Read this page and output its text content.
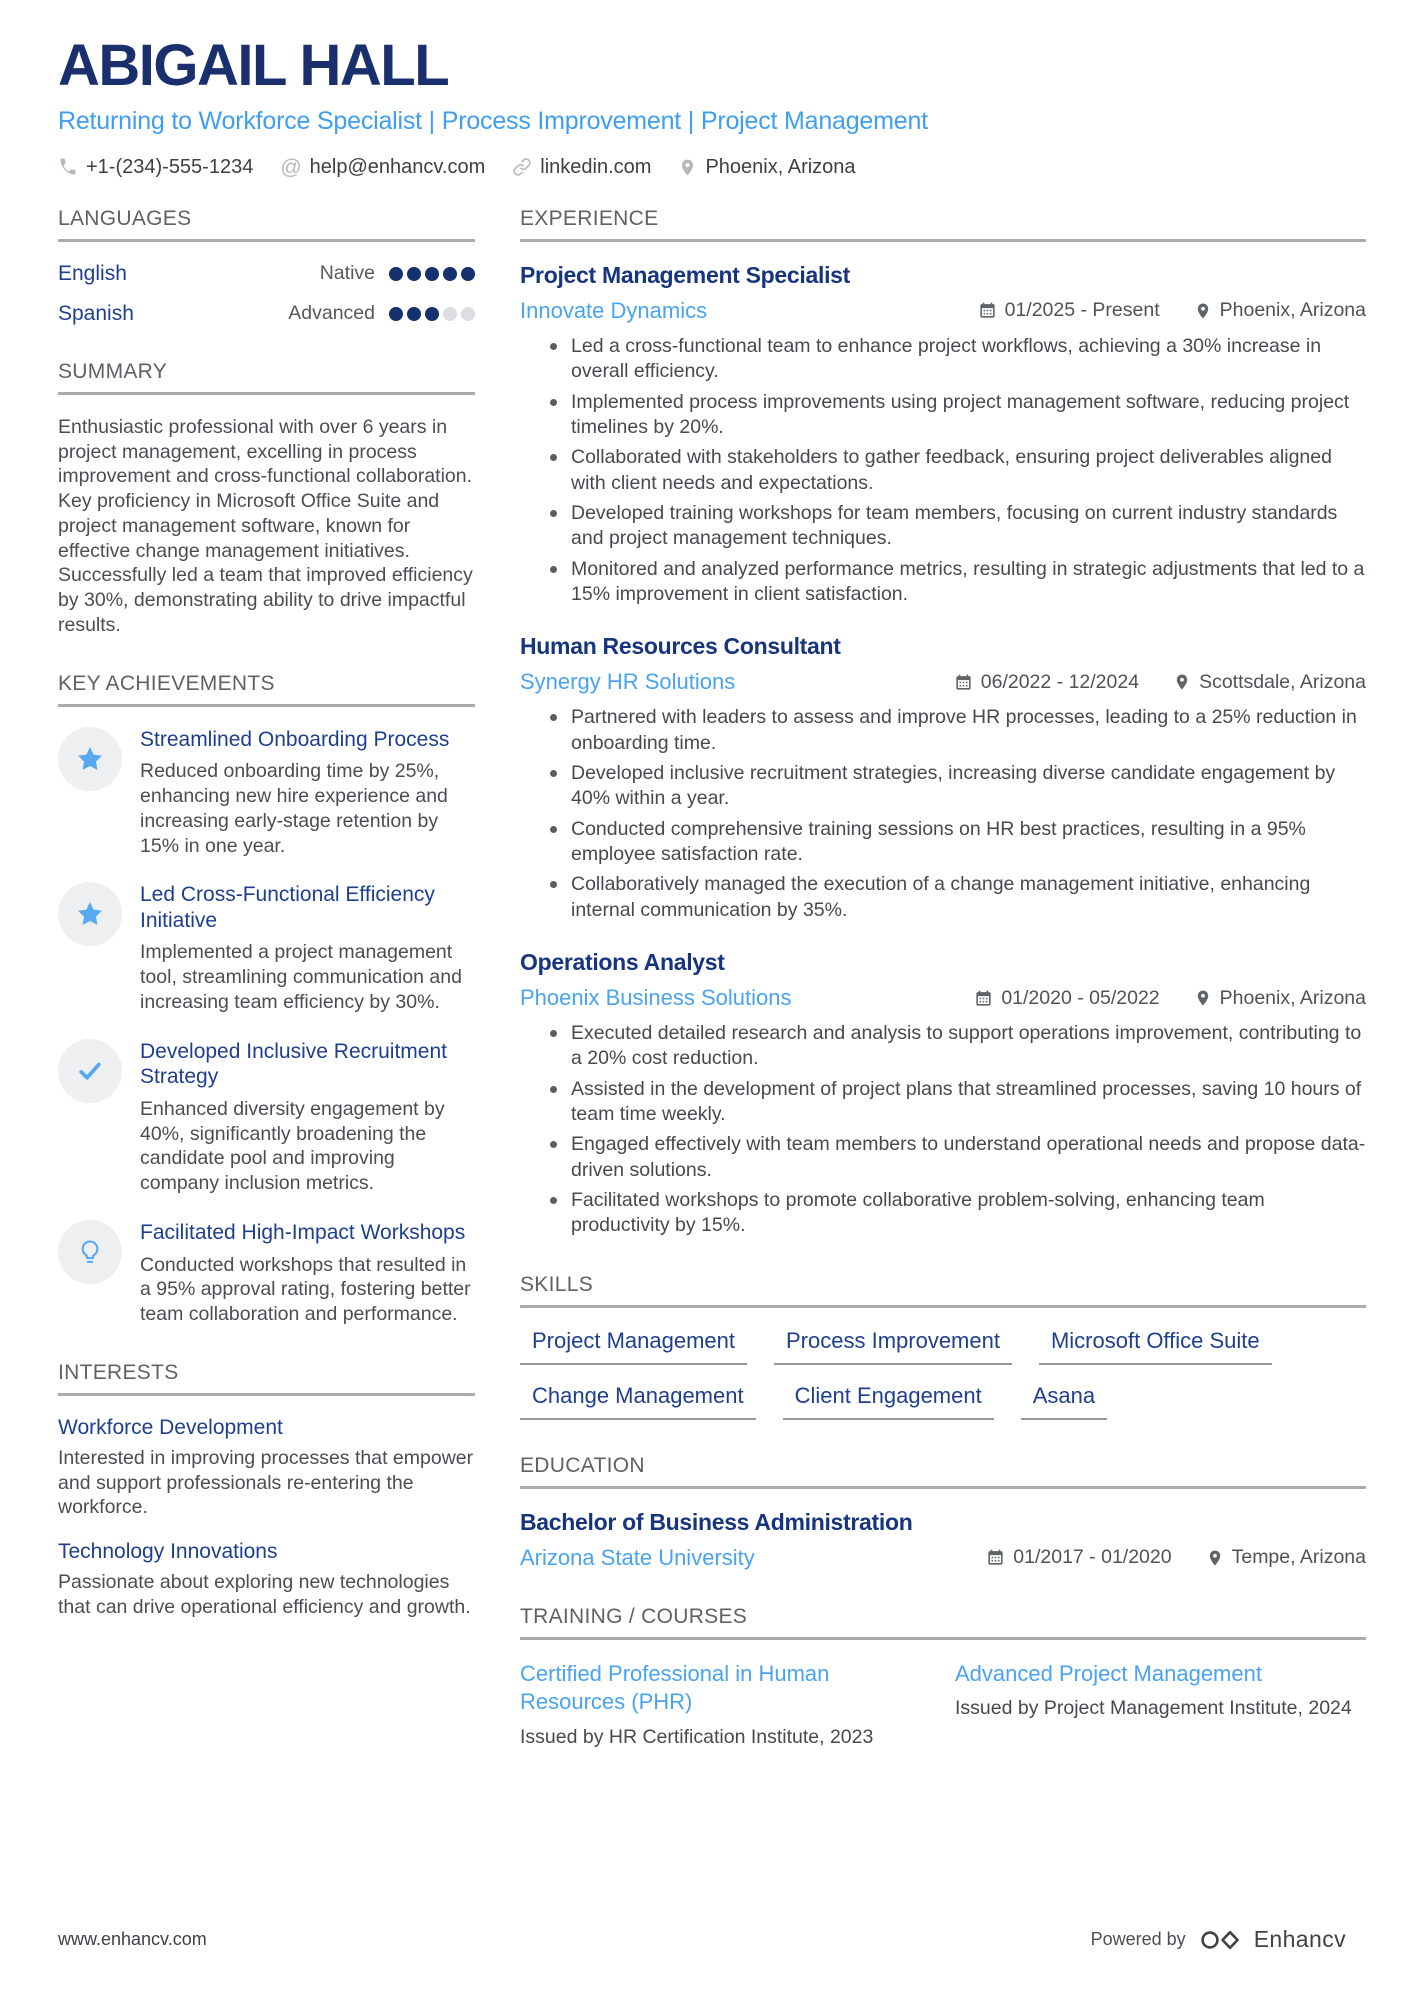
ABIGAIL HALL
Returning to Workforce Specialist | Process Improvement | Project Management
+1-(234)-555-1234 @ help@enhancv.com	linkedin.com	Phoenix, Arizona
LANGUAGES
English	Native
Spanish	Advanced
SUMMARY
Enthusiastic professional with over 6 years in project management, excelling in process improvement and cross-functional collaboration. Key proficiency in Microsoft Office Suite and project management software, known for effective change management initiatives. Successfully led a team that improved efficiency by 30%, demonstrating ability to drive impactful results.
KEY ACHIEVEMENTS
Streamlined Onboarding Process
Reduced onboarding time by 25%, enhancing new hire experience and increasing early-stage retention by 15% in one year.
Led Cross-Functional Efficiency Initiative
Implemented a project management tool, streamlining communication and increasing team efficiency by 30%.
Developed Inclusive Recruitment Strategy
Enhanced diversity engagement by 40%, significantly broadening the candidate pool and improving company inclusion metrics.
Facilitated High-Impact Workshops
Conducted workshops that resulted in a 95% approval rating, fostering better team collaboration and performance.
INTERESTS
Workforce Development
Interested in improving processes that empower and support professionals re-entering the workforce.
Technology Innovations
Passionate about exploring new technologies that can drive operational efficiency and growth.
EXPERIENCE
Project Management Specialist
Innovate Dynamics	01/2025 - Present	Phoenix, Arizona
Led a cross-functional team to enhance project workflows, achieving a 30% increase in overall efficiency.
Implemented process improvements using project management software, reducing project timelines by 20%.
Collaborated with stakeholders to gather feedback, ensuring project deliverables aligned with client needs and expectations.
Developed training workshops for team members, focusing on current industry standards and project management techniques.
Monitored and analyzed performance metrics, resulting in strategic adjustments that led to a 15% improvement in client satisfaction.
Human Resources Consultant
Synergy HR Solutions	06/2022 - 12/2024	Scottsdale, Arizona
Partnered with leaders to assess and improve HR processes, leading to a 25% reduction in onboarding time.
Developed inclusive recruitment strategies, increasing diverse candidate engagement by 40% within a year.
Conducted comprehensive training sessions on HR best practices, resulting in a 95% employee satisfaction rate.
Collaboratively managed the execution of a change management initiative, enhancing internal communication by 35%.
Operations Analyst
Phoenix Business Solutions	01/2020 - 05/2022	Phoenix, Arizona
Executed detailed research and analysis to support operations improvement, contributing to a 20% cost reduction.
Assisted in the development of project plans that streamlined processes, saving 10 hours of team time weekly.
Engaged effectively with team members to understand operational needs and propose data-driven solutions.
Facilitated workshops to promote collaborative problem-solving, enhancing team productivity by 15%.
SKILLS
Project Management	Process Improvement	Microsoft Office Suite
Change Management	Client Engagement	Asana
EDUCATION
Bachelor of Business Administration
Arizona State University	01/2017 - 01/2020	Tempe, Arizona
TRAINING / COURSES
Certified Professional in Human Resources (PHR)
Issued by HR Certification Institute, 2023
Advanced Project Management
Issued by Project Management Institute, 2024
www.enhancv.com	Powered by	Enhancv
